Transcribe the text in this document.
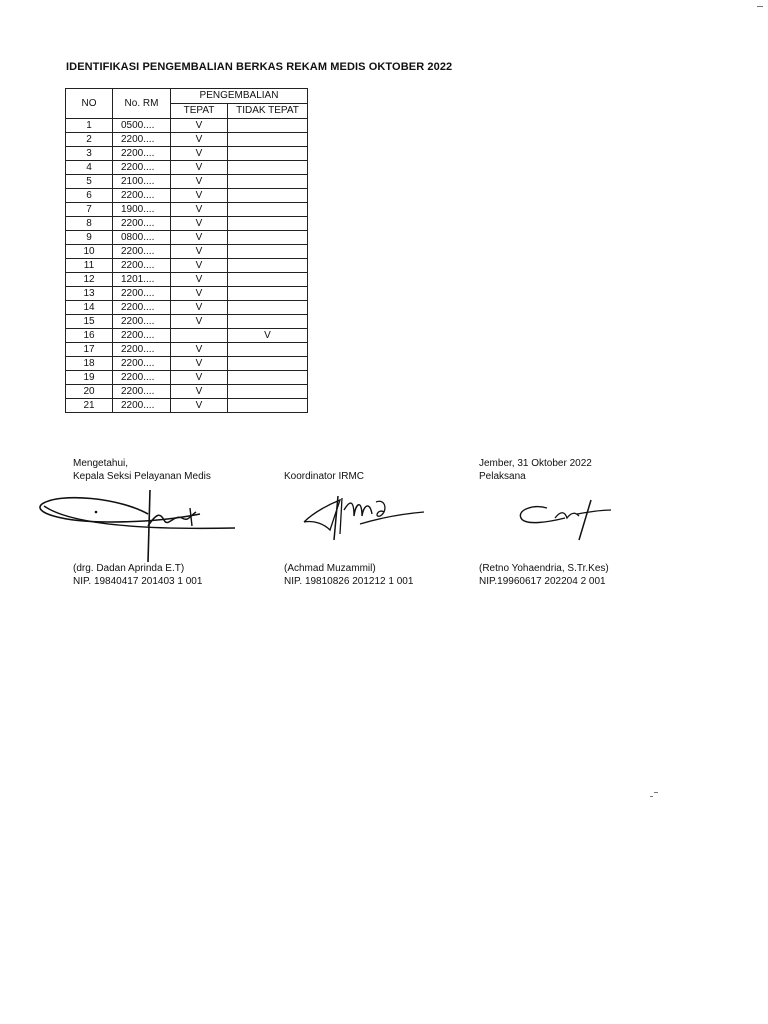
IDENTIFIKASI PENGEMBALIAN BERKAS REKAM MEDIS OKTOBER 2022
NO	No. RM	PENGEMBALIAN	
		TEPAT	TIDAK TEPAT
1	0500....	V	
2	2200....	V	
3	2200....	V	
4	2200....	V	
5	2100....	V	
6	2200....	V	
7	1900....	V	
8	2200....	V	
9	0800....	V	
10	2200....	V	
11	2200....	V	
12	1201....	V	
13	2200....	V	
14	2200....	V	
15	2200....	V	
16	2200....		V
17	2200....	V	
18	2200....	V	
19	2200....	V	
20	2200....	V	
21	2200....	V	
Mengetahui,
Kepala Seksi Pelayanan Medis
(drg. Dadan Aprinda E.T)
NIP. 19840417 201403 1 001
Koordinator IRMC
(Achmad Muzammil)
NIP. 19810826 201212 1 001
Jember, 31 Oktober 2022
Pelaksana
(Retno Yohaendria, S.Tr.Kes)
NIP.19960617 202204 2 001
